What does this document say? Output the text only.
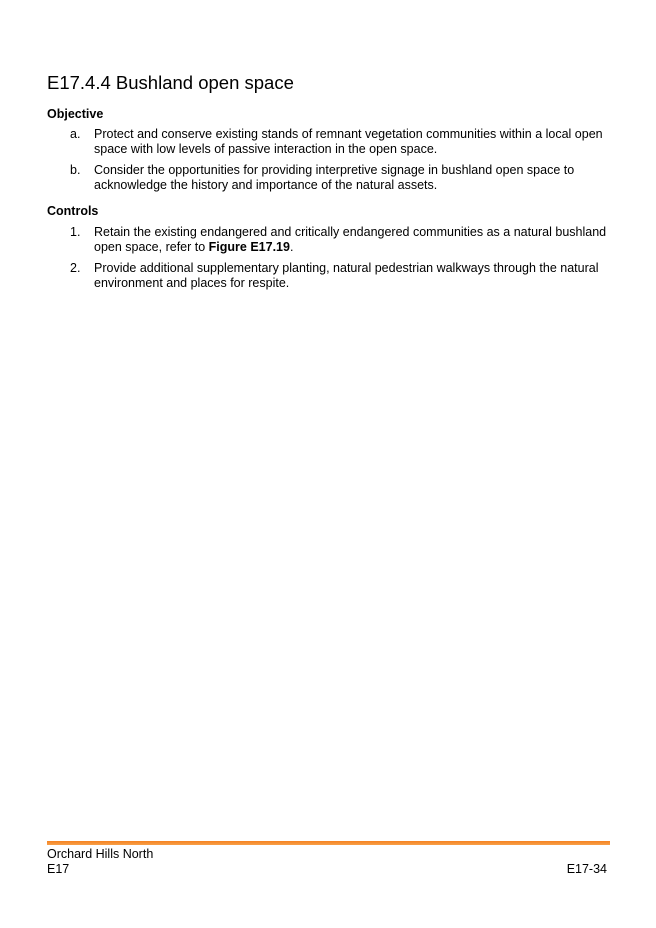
E17.4.4 Bushland open space
Objective
a. Protect and conserve existing stands of remnant vegetation communities within a local open space with low levels of passive interaction in the open space.
b. Consider the opportunities for providing interpretive signage in bushland open space to acknowledge the history and importance of the natural assets.
Controls
1. Retain the existing endangered and critically endangered communities as a natural bushland open space, refer to Figure E17.19.
2. Provide additional supplementary planting, natural pedestrian walkways through the natural environment and places for respite.
Orchard Hills North
E17	E17-34
